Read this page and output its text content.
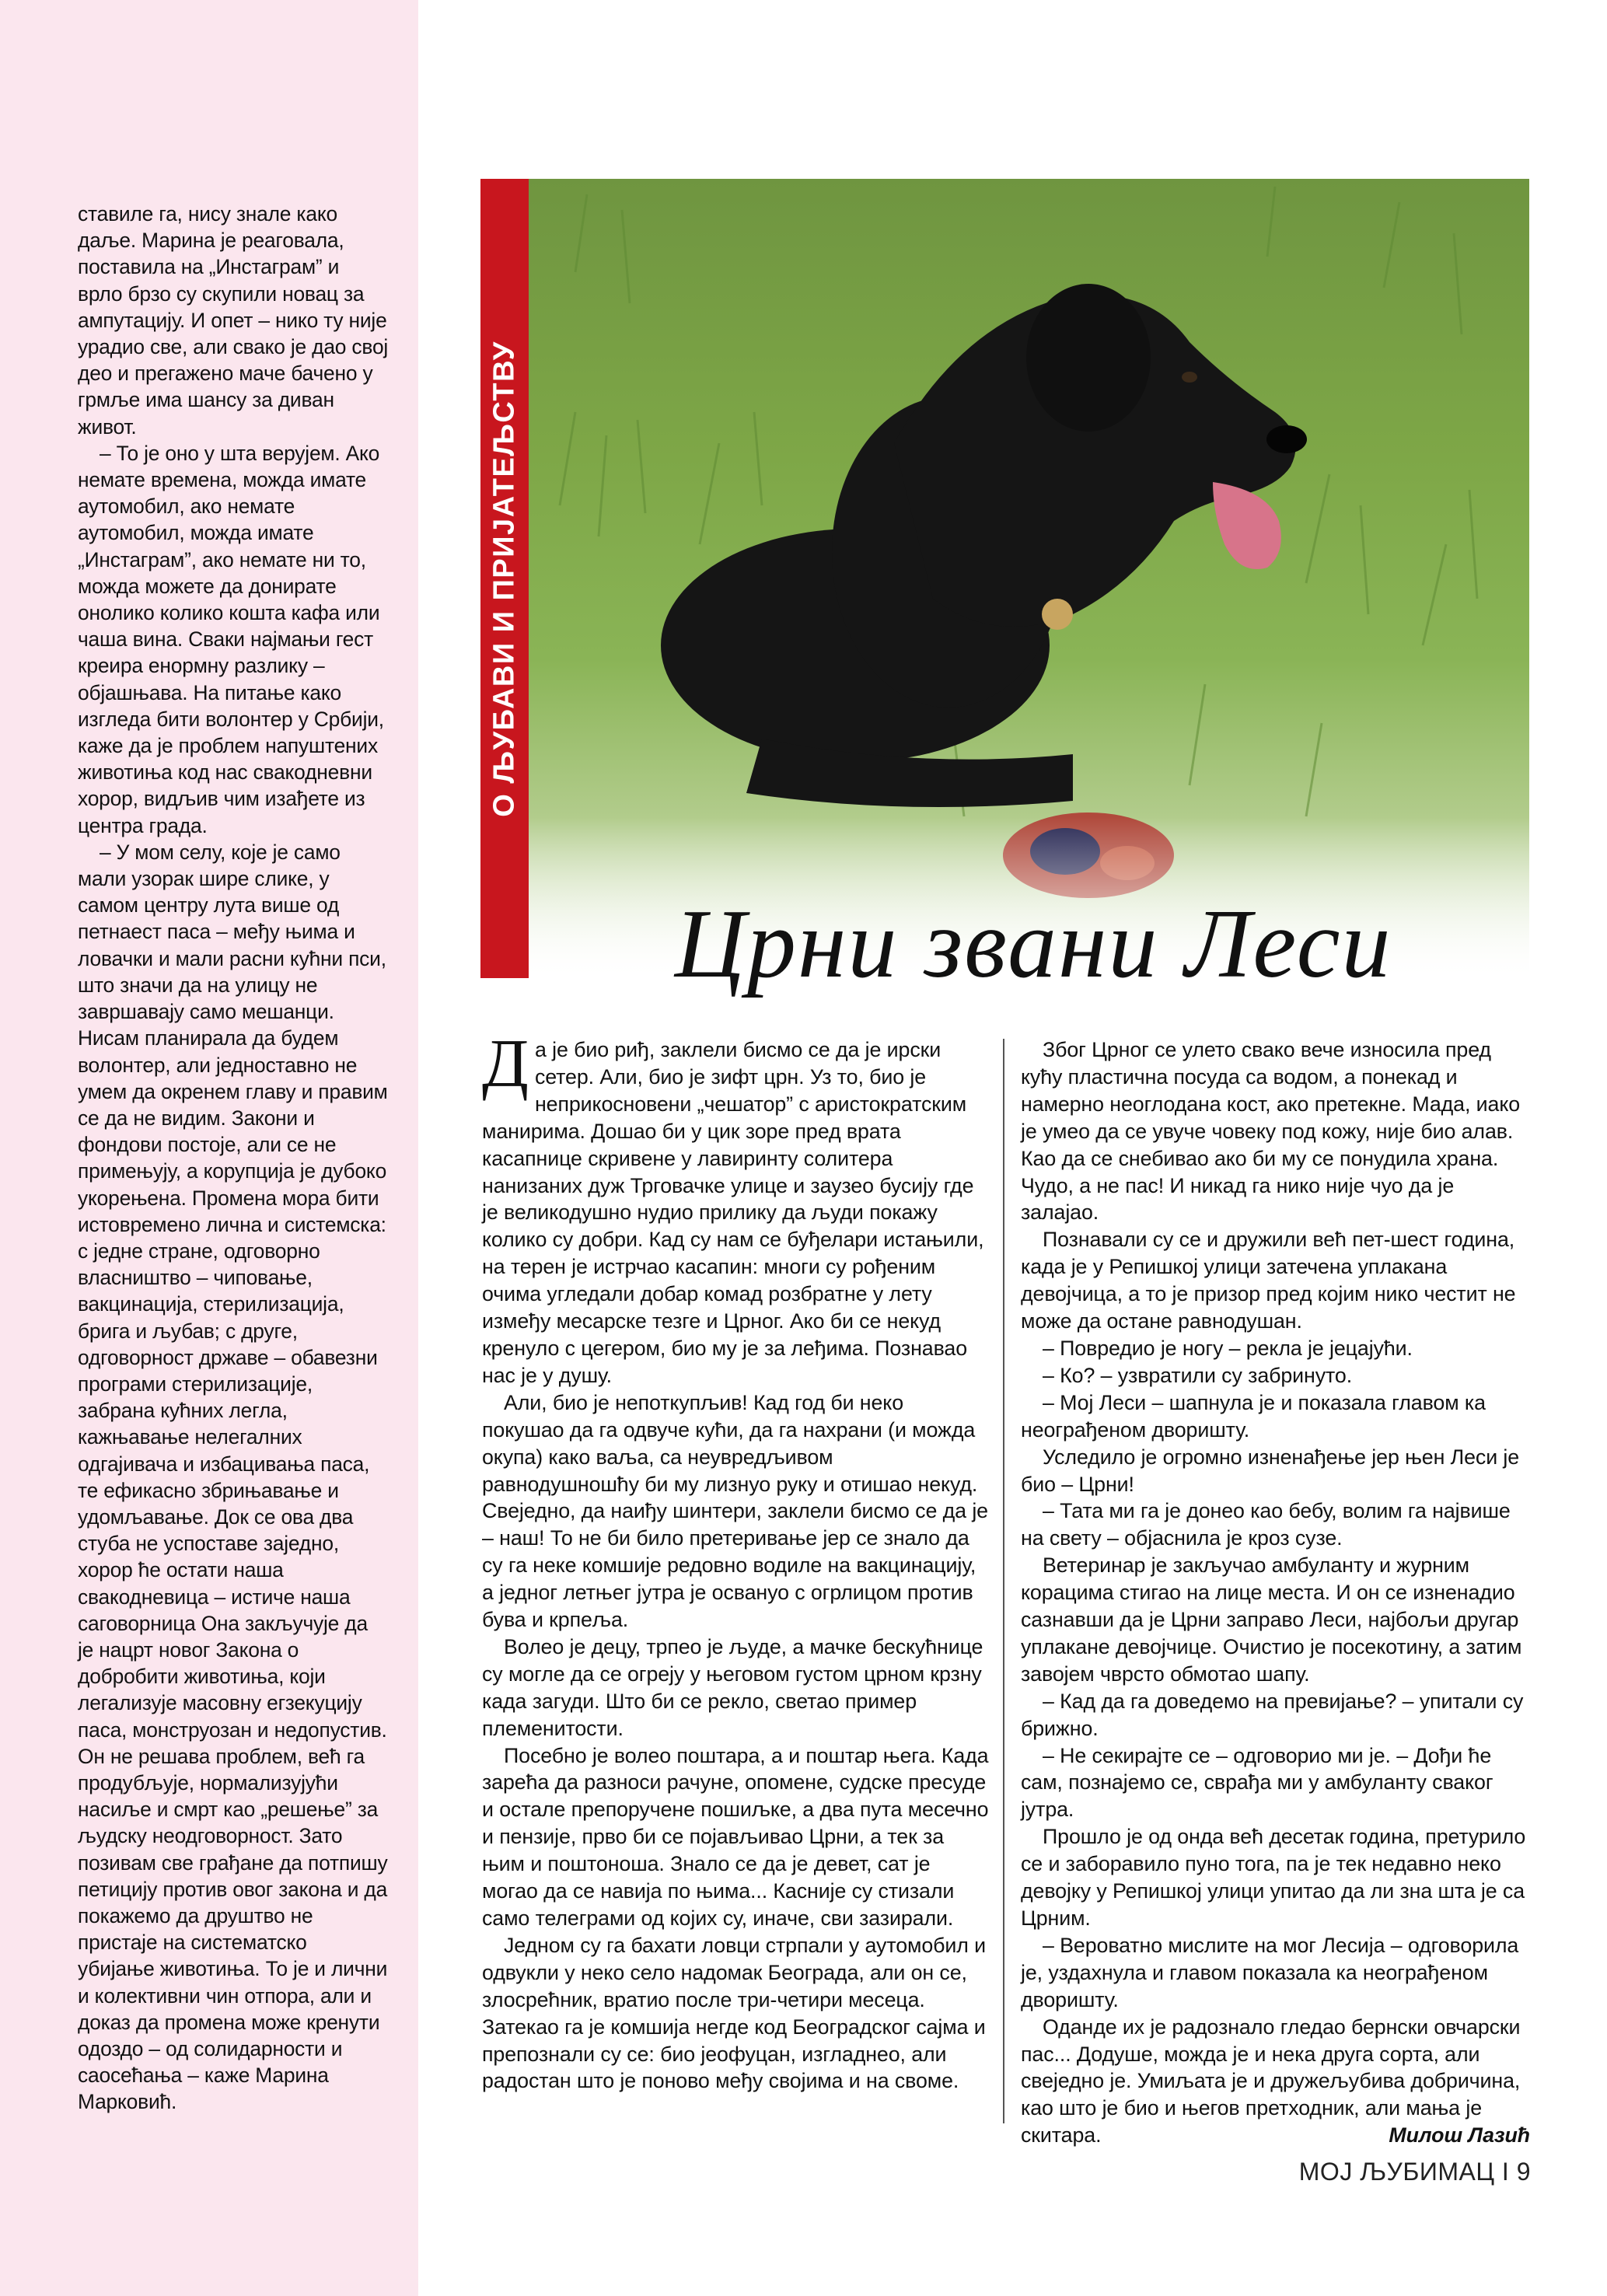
ставиле га, нису знале како даље. Марина је реаговала, поставила на „Инстаграм” и врло брзо су скупили новац за ампутацију. И опет – нико ту није урадио све, али свако је дао свој део и прегажено маче бачено у грмље има шансу за диван живот.

– То је оно у шта верујем. Ако немате времена, можда имате аутомобил, ако немате аутомобил, можда имате „Инстаграм”, ако немате ни то, можда можете да донирате онолико колико кошта кафа или чаша вина. Сваки најмањи гест креира енормну разлику – објашњава. На питање како изгледа бити волонтер у Србији, каже да је проблем напуштених животиња код нас свакодневни хорор, видљив чим изађете из центра града.

– У мом селу, које је само мали узорак шире слике, у самом центру лута више од петнаест паса – међу њима и ловачки и мали расни кућни пси, што значи да на улицу не завршавају само мешанци. Нисам планирала да будем волонтер, али једноставно не умем да окренем главу и правим се да не видим. Закони и фондови постоје, али се не примењују, а корупција је дубоко укорењена. Промена мора бити истовремено лична и системска: с једне стране, одговорно власништво – чиповање, вакцинација, стерилизација, брига и љубав; с друге, одговорност државе – обавезни програми стерилизације, забрана кућних легла, кажњавање нелегалних одгајивача и избацивања паса, те ефикасно збрињавање и удомљавање. Док се ова два стуба не успоставе заједно, хорор ће остати наша свакодневица – истиче наша саговорница Она закључује да је нацрт новог Закона о добробити животиња, који легализује масовну егзекуцију паса, монструозан и недопустив. Он не решава проблем, већ га продубљује, нормализујући насиље и смрт као „решење” за људску неодговорност. Зато позивам све грађане да потпишу петицију против овог закона и да покажемо да друштво не пристаје на систематско убијање животиња. То је и лични и колективни чин отпора, али и доказ да промена може кренути одоздо – од солидарности и саосећања – каже Марина Марковић.

О ЉУБАВИ И ПРИЈАТЕЉСТВУ
Црни звани Леси

Да је био риђ, заклели бисмо се да је ирски сетер. Али, био је зифт црн. Уз то, био је неприкосновени „чешатор” с аристократским манирима. Дошао би у цик зоре пред врата касапнице скривене у лавиринту солитера нанизаних дуж Трговачке улице и заузео бусију где је великодушно нудио прилику да људи покажу колико су добри. Кад су нам се буђелари истањили, на терен је истрчао касапин: многи су рођеним очима угледали добар комад розбратне у лету између месарске тезге и Црног. Ако би се некуд кренуло с цегером, био му је за леђима. Познавао нас је у душу.

Али, био је непоткупљив! Кад год би неко покушао да га одвуче кући, да га нахрани (и можда окупа) како ваља, са неувредљивом равнодушношћу би му лизнуо руку и отишао некуд. Свеједно, да наиђу шинтери, заклели бисмо се да је – наш! То не би било претеривање јер се знало да су га неке комшије редовно водиле на вакцинацију, а једног летњег јутра је освануо с огрлицом против бува и крпеља.

Волео је децу, трпео је људе, а мачке бескућнице су могле да се огреју у његовом густом црном крзну када загуди. Што би се рекло, светао пример племенитости.

Посебно је волео поштара, а и поштар њега. Када зарећа да разноси рачуне, опомене, судске пресуде и остале препоручене пошиљке, а два пута месечно и пензије, прво би се појављивао Црни, а тек за њим и поштоноша. Знало се да је девет, сат је могао да се навија по њима... Касније су стизали само телеграми од којих су, иначе, сви зазирали.

Једном су га бахати ловци стрпали у аутомобил и одвукли у неко село надомак Београда, али он се, злосрећник, вратио после три-четири месеца. Затекао га је комшија негде код Београдског сајма и препознали су се: био јеофуцан, изгладнео, али радостан што је поново међу својима и на своме.

Због Црног се улето свако вече износила пред кућу пластична посуда са водом, а понекад и намерно неоглодана кост, ако претекне. Мада, иако је умео да се увуче човеку под кожу, није био алав. Као да се снебивао ако би му се понудила храна. Чудо, а не пас! И никад га нико није чуо да је залајао.

Познавали су се и дружили већ пет-шест година, када је у Репишкој улици затечена уплакана девојчица, а то је призор пред којим нико честит не може да остане равнодушан.

– Повредио је ногу – рекла је јецајући.

– Ко? – узвратили су забринуто.

– Мој Леси – шапнула је и показала главом ка неограђеном дворишту.

Уследило је огромно изненађење јер њен Леси је био – Црни!

– Тата ми га је донео као бебу, волим га највише на свету – објаснила је кроз сузе.

Ветеринар је закључао амбуланту и журним корацима стигао на лице места. И он се изненадио сазнавши да је Црни заправо Леси, најбољи другар уплакане девојчице. Очистио је посекотину, а затим завојем чврсто обмотао шапу.

– Кад да га доведемо на превијање? – упитали су брижно.

– Не секирајте се – одговорио ми је. – Дођи ће сам, познајемо се, сврађа ми у амбуланту сваког јутра.

Прошло је од онда већ десетак година, претурило се и заборавило пуно тога, па је тек недавно неко девојку у Репишкој улици упитао да ли зна шта је са Црним.

– Вероватно мислите на мог Лесија – одговорила је, уздахнула и главом показала ка неограђеном дворишту.

Оданде их је радознало гледао бернски овчарски пас... Додуше, можда је и нека друга сорта, али свеједно је. Умиљата је и дружељубива добричина, као што је био и његов претходник, али мања је скитара.	Милош Лазић

МОЈ ЉУБИМАЦ I 9
